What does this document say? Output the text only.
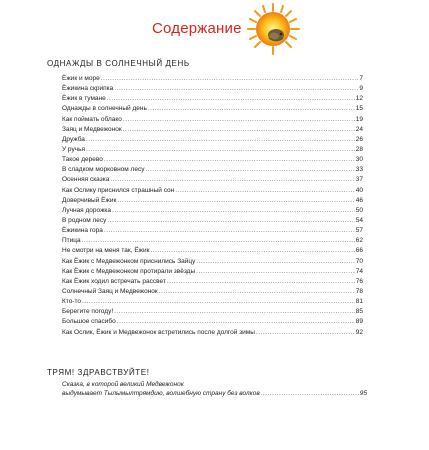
Содержание
ОДНАЖДЫ В СОЛНЕЧНЫЙ ДЕНЬ
Ёжик и море .....	7
Ёжикина скрипка .....	9
Ёжик в тумане .....	12
Однажды в солнечный день .....	15
Как поймать облако .....	19
Заяц и Медвежонок .....	24
Дружба .....	26
У ручья .....	28
Такое дерево .....	30
В сладком морковном лесу .....	33
Осенняя сказка .....	37
Как Ослику приснился страшный сон .....	40
Доверчивый Ёжик .....	46
Лучная дорожка .....	50
В родном лесу .....	54
Ёжикина гора .....	57
Птица .....	62
Не смотри на меня так, Ёжик .....	66
Как Ёжик с Медвежонком приснились Зайцу .....	70
Как Ёжик с Медвежонком протирали звёзды .....	74
Как Ёжик ходил встречать рассвет .....	76
Солнечный Заяц и Медвежонок .....	78
Кто-то .....	81
Берегите погоду! .....	85
Большое спасибо .....	89
Как Ослик, Ёжик и Медвежонок встретились после долгой зимы .....	92
ТРЯМ! ЗДРАВСТВУЙТЕ!
Сказка, в которой великий Медвежонок
выдумывает Тылымылтрямдию, волшебную страну без волков .....	95
